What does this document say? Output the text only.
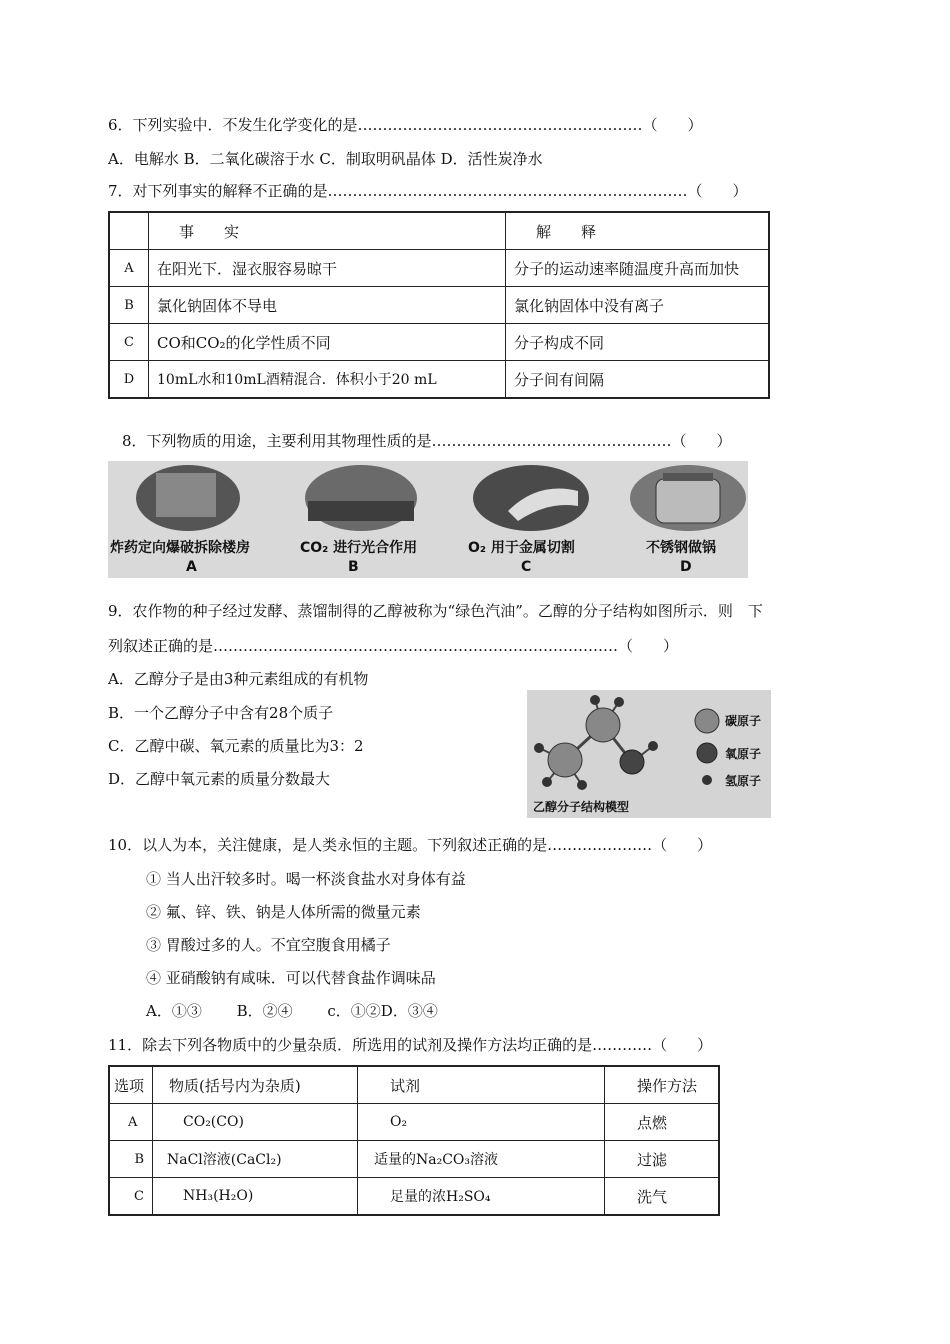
6．下列实验中．不发生化学变化的是…………………………………………………（　　）
A．电解水 B．二氧化碳溶于水 C．制取明矾晶体 D．活性炭净水
7．对下列事实的解释不正确的是………………………………………………………………（　　）
	事　　实	解　　释
A	在阳光下．湿衣服容易晾干	分子的运动速率随温度升高而加快
B	氯化钠固体不导电	氯化钠固体中没有离子
C	CO和CO₂的化学性质不同	分子构成不同
D	10mL水和10mL酒精混合．体积小于20 mL	分子间有间隔
8．下列物质的用途，主要利用其物理性质的是…………………………………………（　　）
炸药定向爆破拆除楼房	CO₂ 进行光合作用	O₂ 用于金属切割	不锈钢做锅
A	B	C	D
9．农作物的种子经过发酵、蒸馏制得的乙醇被称为“绿色汽油”。乙醇的分子结构如图所示．则　下
列叙述正确的是………………………………………………………………………（　　）
A．乙醇分子是由3种元素组成的有机物
B．一个乙醇分子中含有28个质子
C．乙醇中碳、氧元素的质量比为3：2
D．乙醇中氧元素的质量分数最大
碳原子
氧原子
氢原子
乙醇分子结构模型
10．以人为本，关注健康，是人类永恒的主题。下列叙述正确的是…………………（　　）
① 当人出汗较多时。喝一杯淡食盐水对身体有益
② 氟、锌、铁、钠是人体所需的微量元素
③ 胃酸过多的人。不宜空腹食用橘子
④ 亚硝酸钠有咸味．可以代替食盐作调味品
A．①③　　 B．②④　　 c．①②D．③④
11．除去下列各物质中的少量杂质．所选用的试剂及操作方法均正确的是…………（　　）
选项	物质(括号内为杂质)	试剂	操作方法
A	CO₂(CO)	O₂	点燃
B	NaCl溶液(CaCl₂)	适量的Na₂CO₃溶液	过滤
C	NH₃(H₂O)	足量的浓H₂SO₄	洗气
